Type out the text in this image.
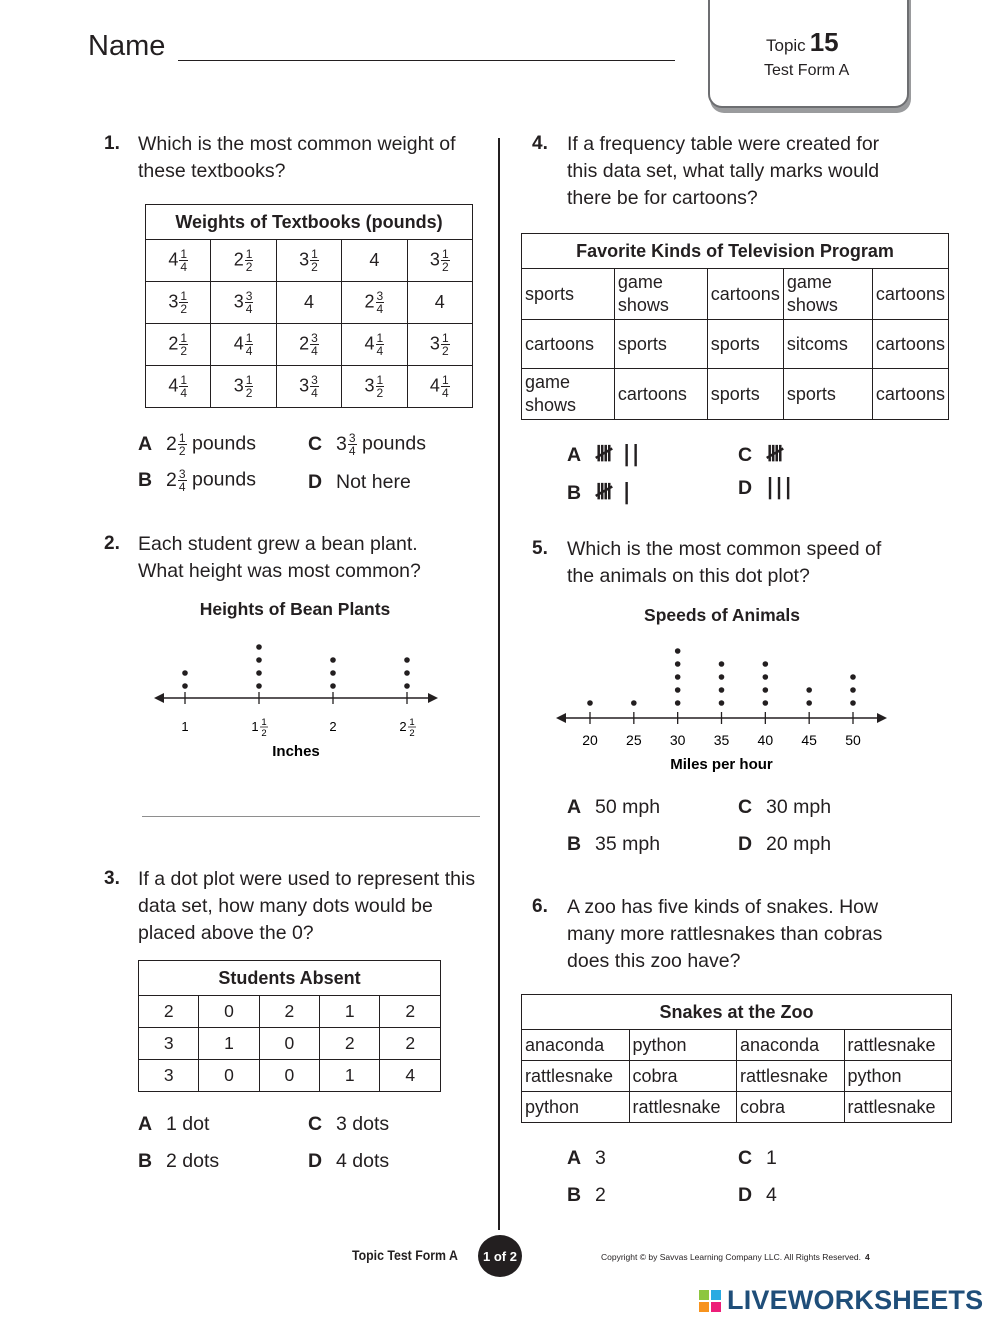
Name	Topic 15
Test Form A
1. Which is the most common weight of these textbooks?
Weights of Textbooks (pounds)				
$4 \frac{1}{4}$	$2 \frac{1}{2}$	$3 \frac{1}{2}$	4	$3 \frac{1}{2}$

$3 \frac{1}{2}$	$3 \frac{3}{4}$	4	$2 \frac{3}{4}$	4
$2 \frac{1}{2}$	$4 \frac{1}{4}$	$2 \frac{3}{4}$	$4 \frac{1}{4}$	$3 \frac{1}{2}$

$4 \frac{1}{4}$	$3 \frac{1}{2}$	$3 \frac{3}{4}$	$3 \frac{1}{2}$	$4 \frac{1}{4}$
A $2 \frac{1}{2}$ pounds
B $2 \frac{3}{4}$ pounds
C $3 \frac{3}{4}$ pounds
D Not here
2. Each student grew a bean plant. What height was most common?
Heights of Bean Plants
1	1 1
2	2	2 1
2
Inches
3. If a dot plot were used to represent this data set, how many dots would be placed above the 0?
Students Absent				
2	0	2	1	2
3	1	0	2	2
3	0	0	1	4
A 1 dot
B 2 dots
C 3 dots
D 4 dots
4. If a frequency table were created for this data set, what tally marks would there be for cartoons?
Favorite Kinds of Television Program				
sports	game shows	cartoons	game shows	cartoons
cartoons	sports	sports	sitcoms	cartoons
game shows	cartoons	sports	sports	cartoons
A 𝍸 ||
B 𝍸 |
C 𝍸
D |||
5. Which is the most common speed of the animals on this dot plot?
Speeds of Animals
20 25 30 35 40 45 50
Miles per hour
A 50 mph
B 35 mph
C 30 mph
D 20 mph
6. A zoo has five kinds of snakes. How many more rattlesnakes than cobras does this zoo have?
Snakes at the Zoo			
anaconda	python	anaconda	rattlesnake
rattlesnake	cobra	rattlesnake	python
python	rattlesnake	cobra	rattlesnake
A 3
B 2
C 1
D 4
Topic Test Form A	1 of 2	Copyright © by Savvas Learning Company LLC. All Rights Reserved. 4
LIVEWORKSHEETS
